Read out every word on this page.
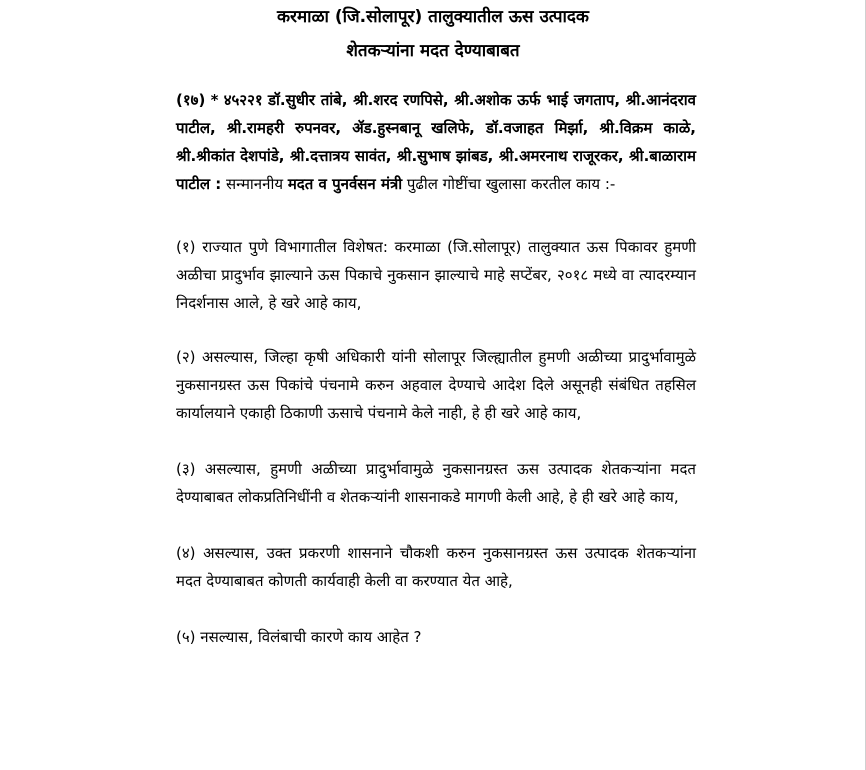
करमाळा (जि.सोलापूर) तालुक्यातील ऊस उत्पादक
शेतकऱ्यांना मदत देण्याबाबत
(१७) * ४५२२१ डॉ.सुधीर तांबे, श्री.शरद रणपिसे, श्री.अशोक ऊर्फ भाई जगताप, श्री.आनंदराव पाटील, श्री.रामहरी रुपनवर, ॲड.हुस्नबानू खलिफे, डॉ.वजाहत मिर्झा, श्री.विक्रम काळे, श्री.श्रीकांत देशपांडे, श्री.दत्तात्रय सावंत, श्री.सुभाष झांबड, श्री.अमरनाथ राजूरकर, श्री.बाळाराम पाटील : सन्माननीय मदत व पुनर्वसन मंत्री पुढील गोष्टींचा खुलासा करतील काय :-
(१) राज्यात पुणे विभागातील विशेषत: करमाळा (जि.सोलापूर) तालुक्यात ऊस पिकावर हुमणी अळीचा प्रादुर्भाव झाल्याने ऊस पिकाचे नुकसान झाल्याचे माहे सप्टेंबर, २०१८ मध्ये वा त्यादरम्यान निदर्शनास आले, हे खरे आहे काय,
(२) असल्यास, जिल्हा कृषी अधिकारी यांनी सोलापूर जिल्ह्यातील हुमणी अळीच्या प्रादुर्भावामुळे नुकसानग्रस्त ऊस पिकांचे पंचनामे करुन अहवाल देण्याचे आदेश दिले असूनही संबंधित तहसिल कार्यालयाने एकाही ठिकाणी ऊसाचे पंचनामे केले नाही, हे ही खरे आहे काय,
(३) असल्यास, हुमणी अळीच्या प्रादुर्भावामुळे नुकसानग्रस्त ऊस उत्पादक शेतकऱ्यांना मदत देण्याबाबत लोकप्रतिनिधींनी व शेतकऱ्यांनी शासनाकडे मागणी केली आहे, हे ही खरे आहे काय,
(४) असल्यास, उक्त प्रकरणी शासनाने चौकशी करुन नुकसानग्रस्त ऊस उत्पादक शेतकऱ्यांना मदत देण्याबाबत कोणती कार्यवाही केली वा करण्यात येत आहे,
(५) नसल्यास, विलंबाची कारणे काय आहेत ?
